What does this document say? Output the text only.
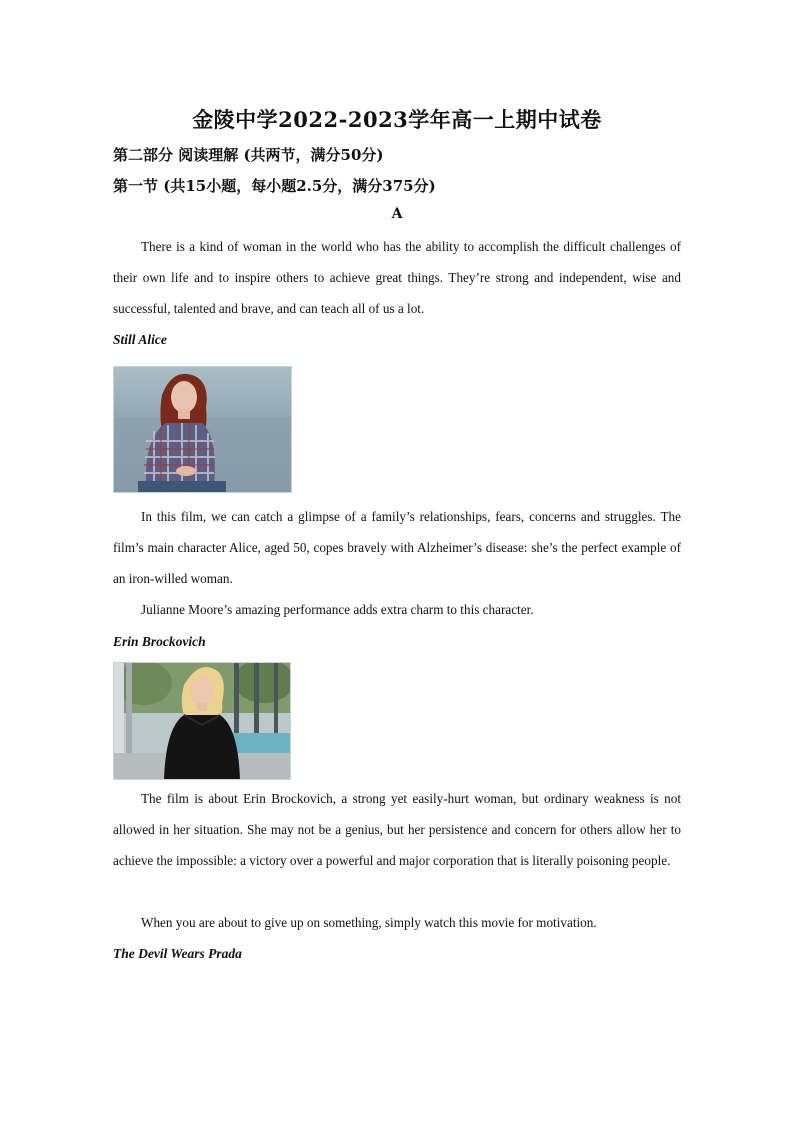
金陵中学2022-2023学年高一上期中试卷
第二部分 阅读理解 (共两节，满分50分)
第一节 (共15小题，每小题2.5分，满分375分)
A

There is a kind of woman in the world who has the ability to accomplish the difficult challenges of their own life and to inspire others to achieve great things. They’re strong and independent, wise and successful, talented and brave, and can teach all of us a lot.

Still Alice

In this film, we can catch a glimpse of a family’s relationships, fears, concerns and struggles. The film’s main character Alice, aged 50, copes bravely with Alzheimer’s disease: she’s the perfect example of an iron-willed woman.

Julianne Moore’s amazing performance adds extra charm to this character.

Erin Brockovich

The film is about Erin Brockovich, a strong yet easily-hurt woman, but ordinary weakness is not allowed in her situation. She may not be a genius, but her persistence and concern for others allow her to achieve the impossible: a victory over a powerful and major corporation that is literally poisoning people.

When you are about to give up on something, simply watch this movie for motivation.

The Devil Wears Prada
